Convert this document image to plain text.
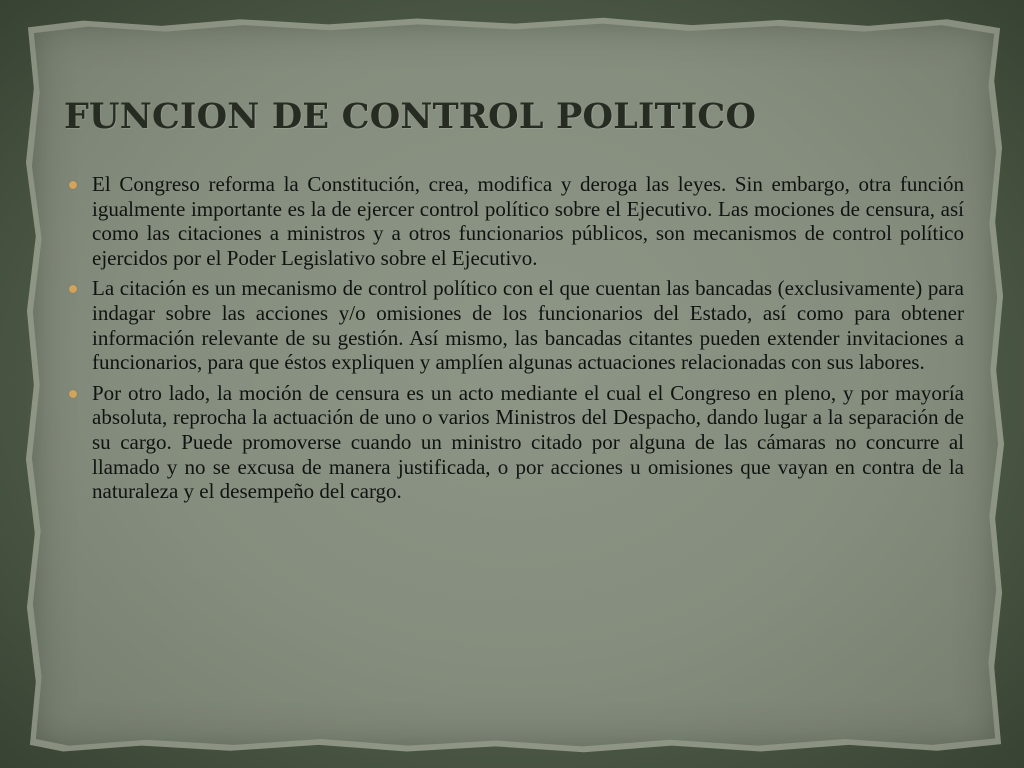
FUNCION DE CONTROL POLITICO
El Congreso reforma la Constitución, crea, modifica y deroga las leyes. Sin embargo, otra función igualmente importante es la de ejercer control político sobre el Ejecutivo. Las mociones de censura, así como las citaciones a ministros y a otros funcionarios públicos, son mecanismos de control político ejercidos por el Poder Legislativo sobre el Ejecutivo.
La citación es un mecanismo de control político con el que cuentan las bancadas (exclusivamente) para indagar sobre las acciones y/o omisiones de los funcionarios del Estado, así como para obtener información relevante de su gestión. Así mismo, las bancadas citantes pueden extender invitaciones a funcionarios, para que éstos expliquen y amplíen algunas actuaciones relacionadas con sus labores.
Por otro lado, la moción de censura es un acto mediante el cual el Congreso en pleno, y por mayoría absoluta, reprocha la actuación de uno o varios Ministros del Despacho, dando lugar a la separación de su cargo. Puede promoverse cuando un ministro citado por alguna de las cámaras no concurre al llamado y no se excusa de manera justificada, o por acciones u omisiones que vayan en contra de la naturaleza y el desempeño del cargo.
